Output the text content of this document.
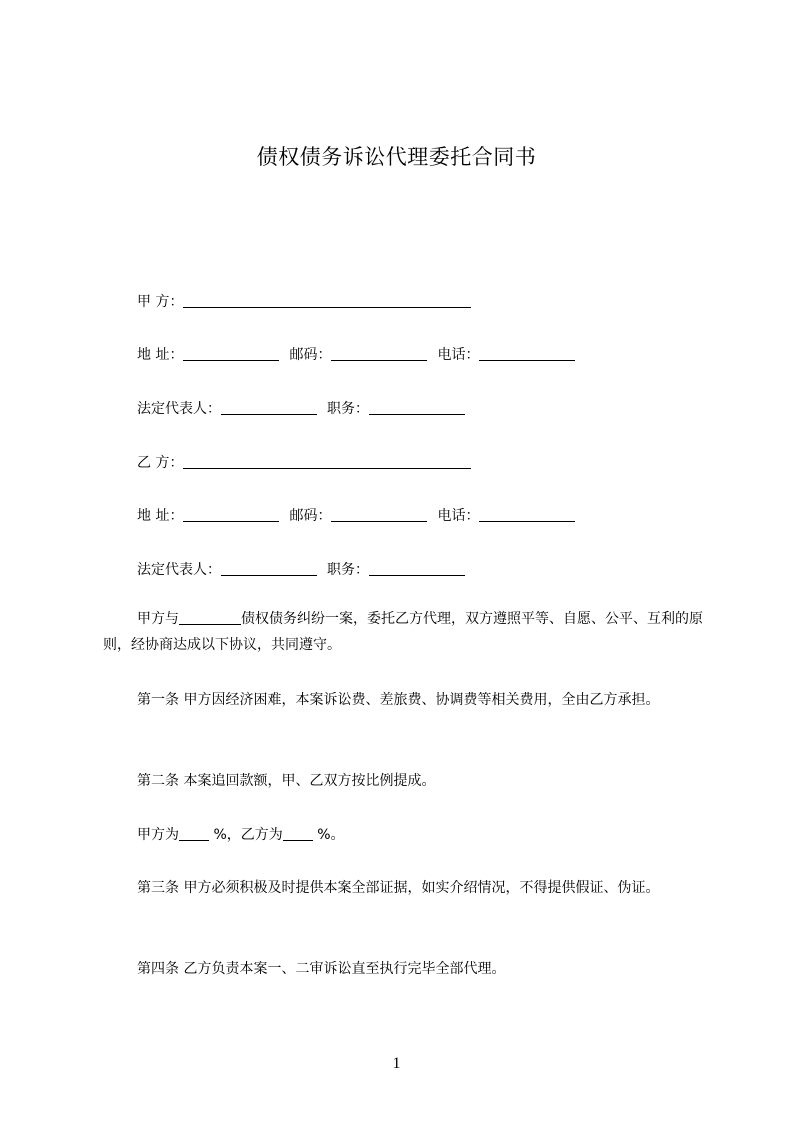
债权债务诉讼代理委托合同书
甲 方：
地 址：	邮码：	电话：
法定代表人：	职务：
乙 方：
地 址：	邮码：	电话：
法定代表人：	职务：
甲方与	债权债务纠纷一案，委托乙方代理，双方遵照平等、自愿、公平、互利的原则，经协商达成以下协议，共同遵守。
第一条 甲方因经济困难，本案诉讼费、差旅费、协调费等相关费用，全由乙方承担。
第二条 本案追回款额，甲、乙双方按比例提成。
甲方为 %，乙方为 %。
第三条 甲方必须积极及时提供本案全部证据，如实介绍情况，不得提供假证、伪证。
第四条 乙方负责本案一、二审诉讼直至执行完毕全部代理。
1
